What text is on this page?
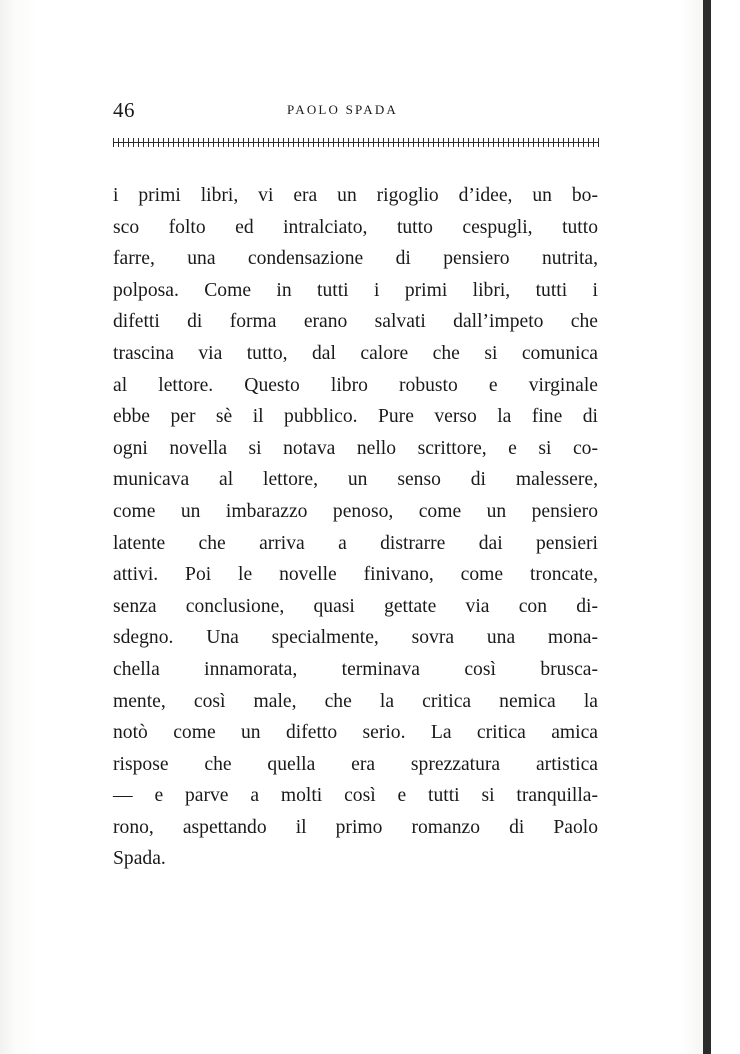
46	PAOLO SPADA
i primi libri, vi era un rigoglio d’idee, un bo-
sco folto ed intralciato, tutto cespugli, tutto
farre, una condensazione di pensiero nutrita,
polposa. Come in tutti i primi libri, tutti i
difetti di forma erano salvati dall’impeto che
trascina via tutto, dal calore che si comunica
al lettore. Questo libro robusto e virginale
ebbe per sè il pubblico. Pure verso la fine di
ogni novella si notava nello scrittore, e si co-
municava al lettore, un senso di malessere,
come un imbarazzo penoso, come un pensiero
latente che arriva a distrarre dai pensieri
attivi. Poi le novelle finivano, come troncate,
senza conclusione, quasi gettate via con di-
sdegno. Una specialmente, sovra una mona-
chella innamorata, terminava così brusca-
mente, così male, che la critica nemica la
notò come un difetto serio. La critica amica
rispose che quella era sprezzatura artistica
— e parve a molti così e tutti si tranquilla-
rono, aspettando il primo romanzo di Paolo
Spada.
